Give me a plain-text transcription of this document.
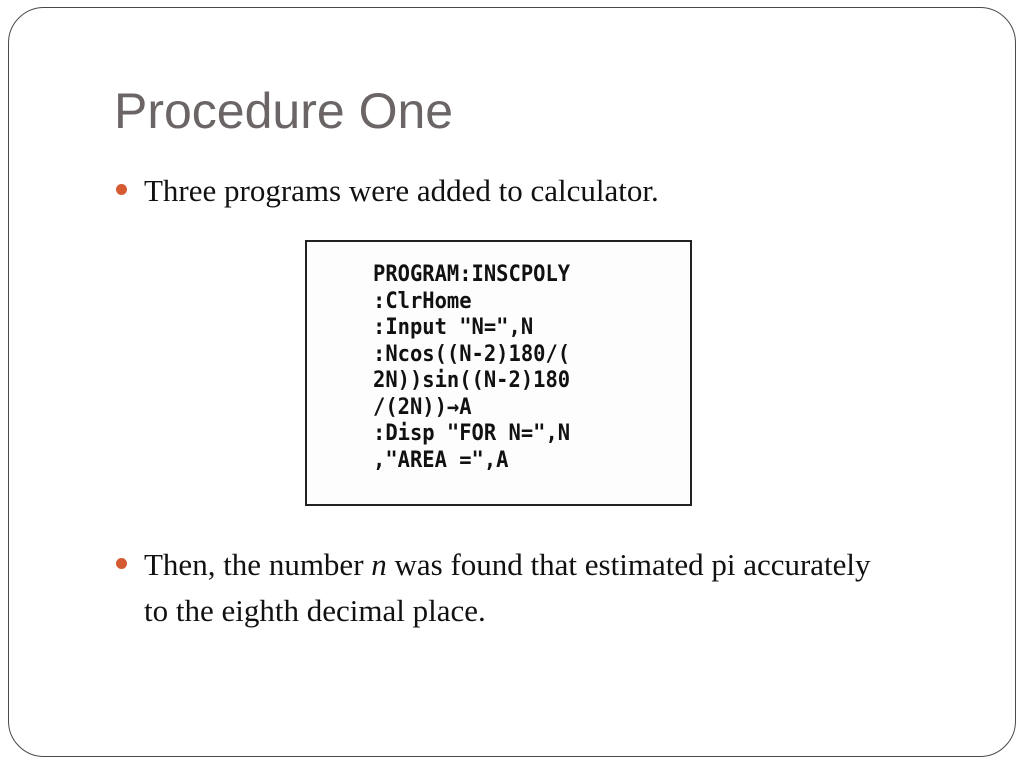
Procedure One
Three programs were added to calculator.
PROGRAM:INSCPOLY
:ClrHome
:Input "N=",N
:Ncos((N-2)180/(
2N))sin((N-2)180
/(2N))→A
:Disp "FOR N=",N
,"AREA =",A
Then, the number n was found that estimated pi accurately to the eighth decimal place.
